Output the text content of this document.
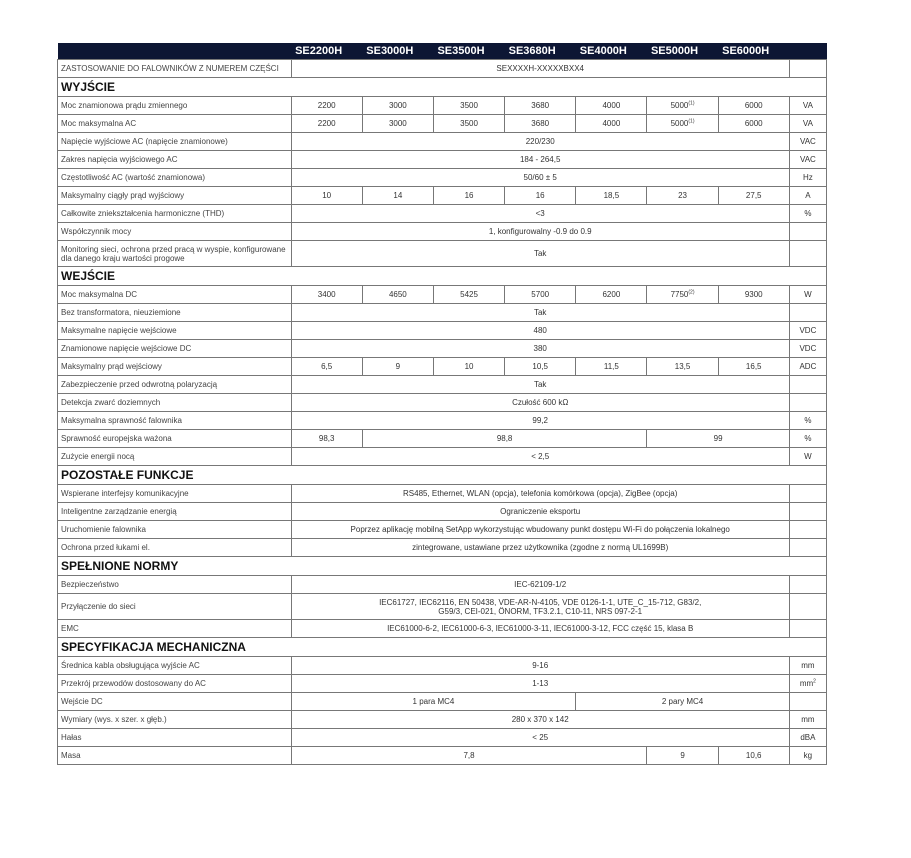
	SE2200H	SE3000H	SE3500H	SE3680H	SE4000H	SE5000H	SE6000H	
ZASTOSOWANIE DO FALOWNIKÓW Z NUMEREM CZĘŚCI	SEXXXXH-XXXXXBXX4							
WYJŚCIE								
Moc znamionowa prądu zmiennego	2200	3000	3500	3680	4000	5000$^{(1)}$	6000	VA
Moc maksymalna AC	2200	3000	3500	3680	4000	5000$^{(1)}$	6000	VA
Napięcie wyjściowe AC (napięcie znamionowe)	220/230							VAC
Zakres napięcia wyjściowego AC	184 - 264,5							VAC
Częstotliwość AC (wartość znamionowa)	50/60 ± 5							Hz
Maksymalny ciągły prąd wyjściowy	10	14	16	16	18,5	23	27,5	A
Całkowite zniekształcenia harmoniczne (THD)	<3							%
Współczynnik mocy	1, konfigurowalny -0.9 do 0.9							
Monitoring sieci, ochrona przed pracą w wyspie, konfigurowane dla danego kraju wartości progowe	Tak							
WEJŚCIE								
Moc maksymalna DC	3400	4650	5425	5700	6200	7750$^{(2)}$	9300	W
Bez transformatora, nieuziemione	Tak							
Maksymalne napięcie wejściowe	480							VDC
Znamionowe napięcie wejściowe DC	380							VDC
Maksymalny prąd wejściowy	6,5	9	10	10,5	11,5	13,5	16,5	ADC
Zabezpieczenie przed odwrotną polaryzacją	Tak							
Detekcja zwarć doziemnych	Czułość 600 kΩ							
Maksymalna sprawność falownika	99,2							%
Sprawność europejska ważona	98,3	98,8				99		%
Zużycie energii nocą	< 2,5							W
POZOSTAŁE FUNKCJE								
Wspierane interfejsy komunikacyjne	RS485, Ethernet, WLAN (opcja), telefonia komórkowa (opcja), ZigBee (opcja)							
Inteligentne zarządzanie energią	Ograniczenie eksportu							
Uruchomienie falownika	Poprzez aplikację mobilną SetApp wykorzystując wbudowany punkt dostępu Wi-Fi do połączenia lokalnego							
Ochrona przed łukami el.	zintegrowane, ustawiane przez użytkownika (zgodne z normą UL1699B)							
SPEŁNIONE NORMY								
Bezpieczeństwo	IEC-62109-1/2							
Przyłączenie do sieci	IEC61727, IEC62116, EN 50438, VDE-AR-N-4105, VDE 0126-1-1, UTE_C_15-712, G83/2,
G59/3, CEI-021, ÖNORM, TF3.2.1, C10-11, NRS 097-2-1							
EMC	IEC61000-6-2, IEC61000-6-3, IEC61000-3-11, IEC61000-3-12, FCC część 15, klasa B							
SPECYFIKACJA MECHANICZNA								
Średnica kabla obsługująca wyjście AC	9-16							mm
Przekrój przewodów dostosowany do AC	1-13							$mm^2$
Wejście DC	1 para MC4				2 pary MC4			
Wymiary (wys. x szer. x głęb.)	280 x 370 x 142							mm
Hałas	< 25							dBA
Masa	7,8					9	10,6	kg
